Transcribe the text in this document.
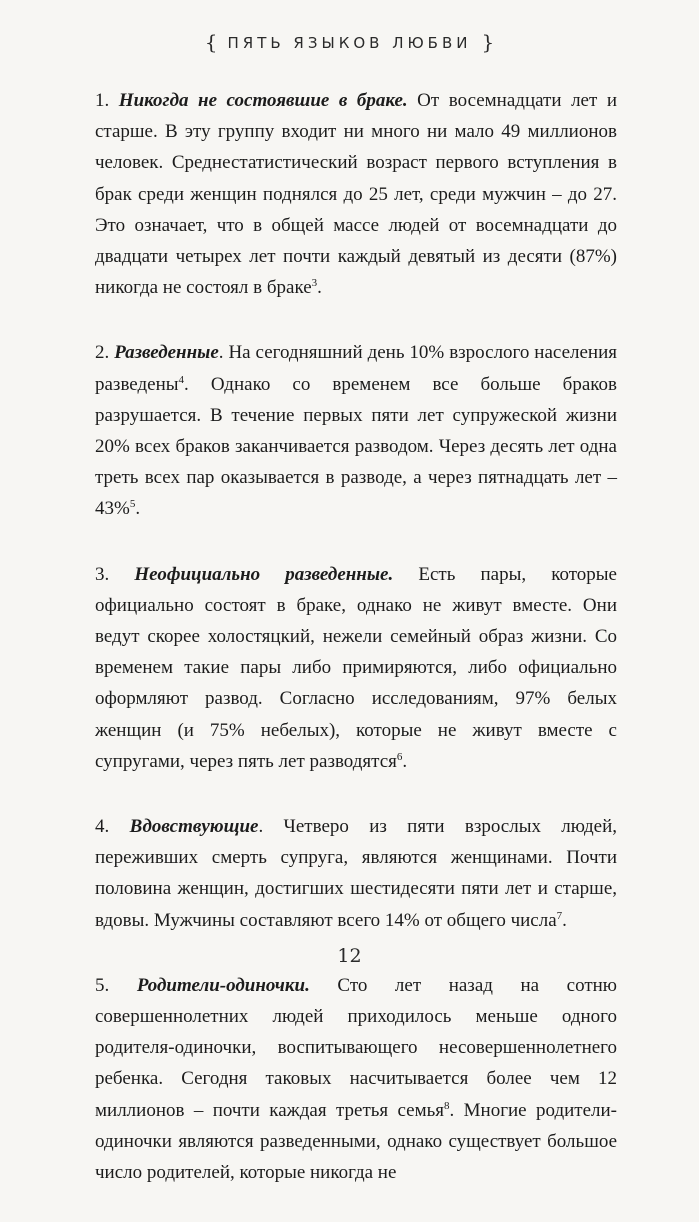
{ ПЯТЬ ЯЗЫКОВ ЛЮБВИ }

1. Никогда не состоявшие в браке. От восемнадцати лет и старше. В эту группу входит ни много ни мало 49 миллионов человек. Среднестатистический возраст первого вступления в брак среди женщин поднялся до 25 лет, среди мужчин – до 27. Это означает, что в общей массе людей от восемнадцати до двадцати четырех лет почти каждый девятый из десяти (87%) никогда не состоял в браке$^3$.

2. Разведенные. На сегодняшний день 10% взрослого населения разведены$^4$. Однако со временем все больше браков разрушается. В течение первых пяти лет супружеской жизни 20% всех браков заканчивается разводом. Через десять лет одна треть всех пар оказывается в разводе, а через пятнадцать лет – 43%$^5$.

3. Неофициально разведенные. Есть пары, которые официально состоят в браке, однако не живут вместе. Они ведут скорее холостяцкий, нежели семейный образ жизни. Со временем такие пары либо примиряются, либо официально оформляют развод. Согласно исследованиям, 97% белых женщин (и 75% небелых), которые не живут вместе с супругами, через пять лет разводятся$^6$.

4. Вдовствующие. Четверо из пяти взрослых людей, переживших смерть супруга, являются женщинами. Почти половина женщин, достигших шестидесяти пяти лет и старше, вдовы. Мужчины составляют всего 14% от общего числа$^7$.

5. Родители-одиночки. Сто лет назад на сотню совершеннолетних людей приходилось меньше одного родителя-одиночки, воспитывающего несовершеннолетнего ребенка. Сегодня таковых насчитывается более чем 12 миллионов – почти каждая третья семья$^8$. Многие родители-одиночки являются разведенными, однако существует большое число родителей, которые никогда не

12
